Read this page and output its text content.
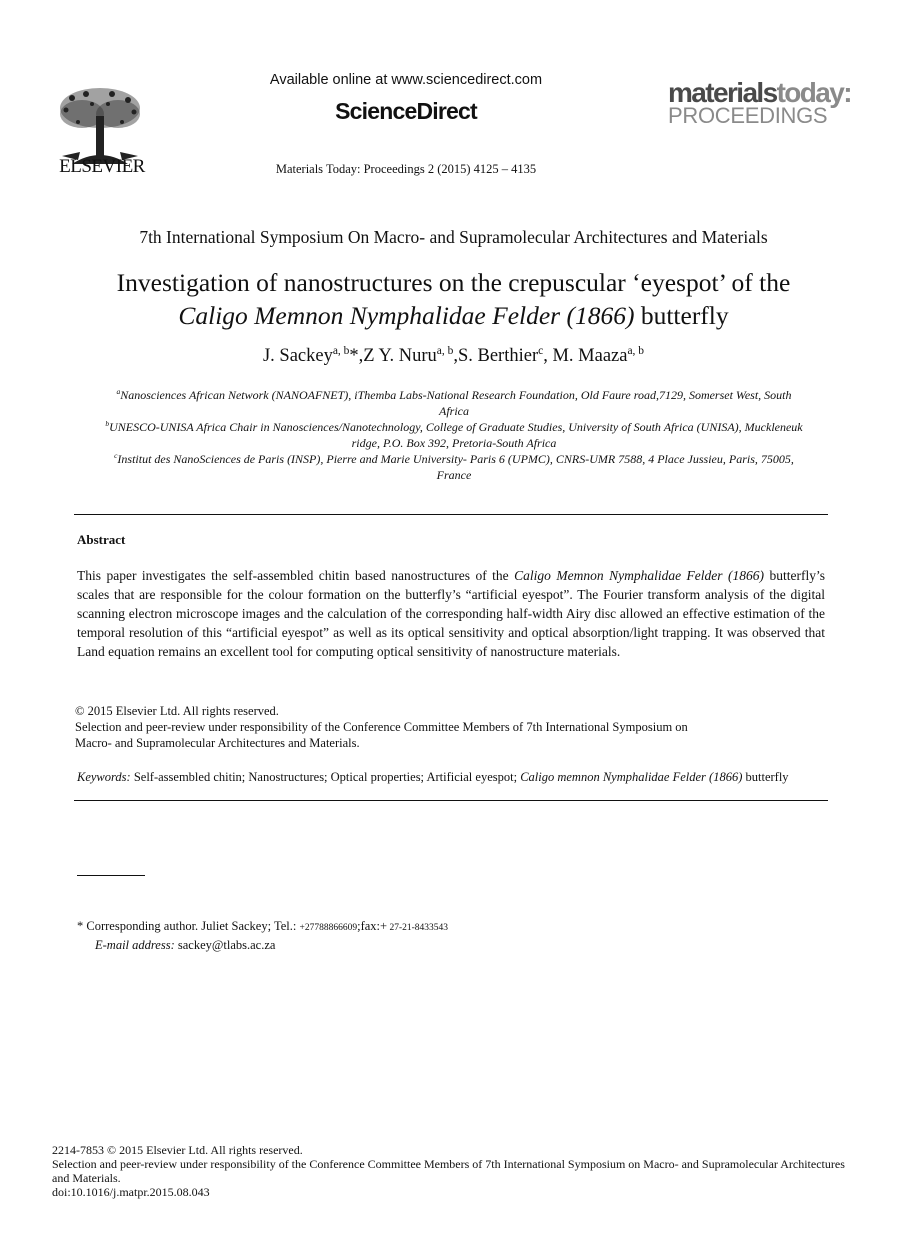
ELSEVIER
Available online at www.sciencedirect.com
ScienceDirect
Materials Today: Proceedings 2 (2015) 4125 – 4135
materialstoday:
PROCEEDINGS
7th International Symposium On Macro- and Supramolecular Architectures and Materials
Investigation of nanostructures on the crepuscular ‘eyespot’ of the
Caligo Memnon Nymphalidae Felder (1866) butterfly
J. Sackey$^{a, b}$*,Z Y. Nuru$^{a, b}$,S. Berthier$^c$, M. Maaza$^{a, b}$
$^a$Nanosciences African Network (NANOAFNET), iThemba Labs-National Research Foundation, Old Faure road,7129, Somerset West, South
Africa
$^b$UNESCO-UNISA Africa Chair in Nanosciences/Nanotechnology, College of Graduate Studies, University of South Africa (UNISA), Muckleneuk
ridge, P.O. Box 392, Pretoria-South Africa
$^c$Institut des NanoSciences de Paris (INSP), Pierre and Marie University- Paris 6 (UPMC), CNRS-UMR 7588, 4 Place Jussieu, Paris, 75005,
France
Abstract
This paper investigates the self-assembled chitin based nanostructures of the Caligo Memnon Nymphalidae Felder (1866) butterfly’s scales that are responsible for the colour formation on the butterfly’s “artificial eyespot”. The Fourier transform analysis of the digital scanning electron microscope images and the calculation of the corresponding half-width Airy disc allowed an effective estimation of the temporal resolution of this “artificial eyespot” as well as its optical sensitivity and optical absorption/light trapping. It was observed that Land equation remains an excellent tool for computing optical sensitivity of nanostructure materials.
© 2015 Elsevier Ltd. All rights reserved.
Selection and peer-review under responsibility of the Conference Committee Members of 7th International Symposium on
Macro- and Supramolecular Architectures and Materials.
Keywords: Self-assembled chitin; Nanostructures; Optical properties; Artificial eyespot; Caligo memnon Nymphalidae Felder (1866) butterfly
* Corresponding author. Juliet Sackey; Tel.: +27788866609;fax:+ 27-21-8433543
E-mail address: sackey@tlabs.ac.za
2214-7853 © 2015 Elsevier Ltd. All rights reserved.
Selection and peer-review under responsibility of the Conference Committee Members of 7th International Symposium on Macro- and Supramolecular Architectures
and Materials.
doi:10.1016/j.matpr.2015.08.043
